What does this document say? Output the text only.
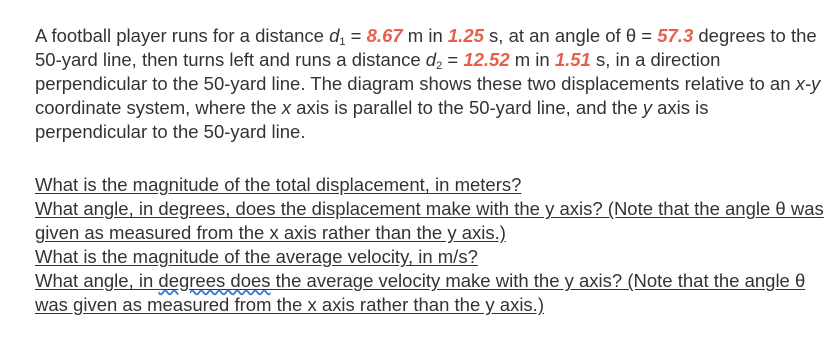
A football player runs for a distance $d_1 = 8.67$ m in 1.25 s, at an angle of θ = 57.3 degrees to the 50-yard line, then turns left and runs a distance $d_2 = 12.52$ m in 1.51 s, in a direction perpendicular to the 50-yard line. The diagram shows these two displacements relative to an x-y coordinate system, where the x axis is parallel to the 50-yard line, and the y axis is perpendicular to the 50-yard line.

What is the magnitude of the total displacement, in meters?

What angle, in degrees, does the displacement make with the y axis? (Note that the angle θ was given as measured from the x axis rather than the y axis.)

What is the magnitude of the average velocity, in m/s?

What angle, in degrees does the average velocity make with the y axis? (Note that the angle θ was given as measured from the x axis rather than the y axis.)
